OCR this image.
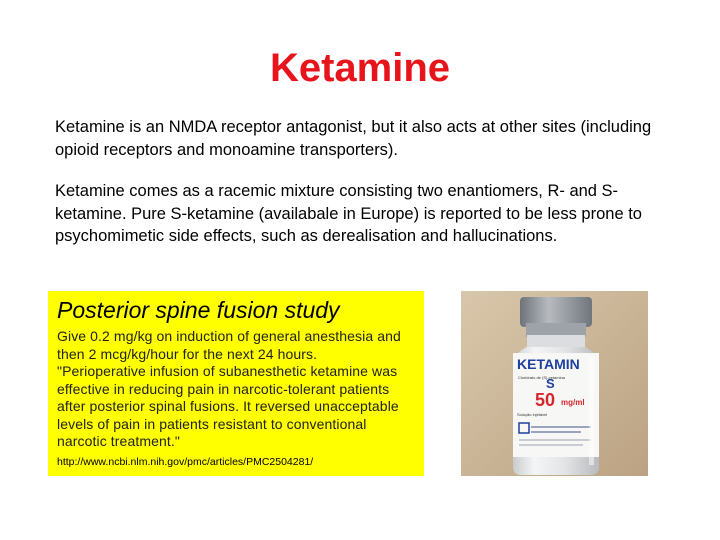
Ketamine
Ketamine is an NMDA receptor antagonist, but it also acts at other sites (including opioid receptors and monoamine transporters).
Ketamine comes as a racemic mixture consisting two enantiomers, R- and S-ketamine. Pure S-ketamine (availabale in Europe) is reported to be less prone to psychomimetic side effects, such as derealisation and hallucinations.
Posterior spine fusion study
Give 0.2 mg/kg on induction of general anesthesia and then 2 mcg/kg/hour for the next 24 hours.
"Perioperative infusion of subanesthetic ketamine was effective in reducing pain in narcotic-tolerant patients after posterior spinal fusions. It reversed unacceptable levels of pain in patients resistant to conventional narcotic treatment."
http://www.ncbi.nlm.nih.gov/pmc/articles/PMC2504281/
KETAMIN
Cloridrato de (S)-cetamina
S
50 mg/ml
Solução injetável
